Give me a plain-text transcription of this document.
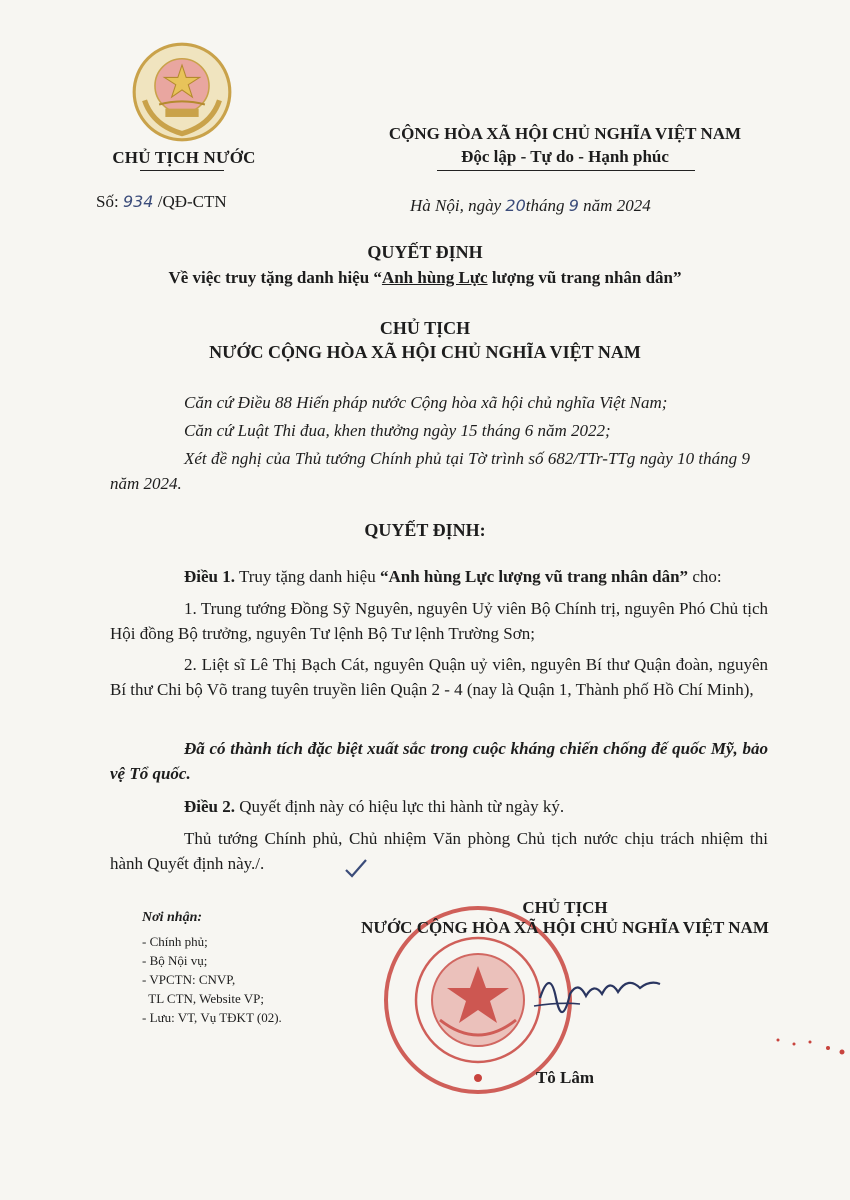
CHỦ TỊCH NƯỚC
Số: 934 /QĐ-CTN
CỘNG HÒA XÃ HỘI CHỦ NGHĨA VIỆT NAM
Độc lập - Tự do - Hạnh phúc
Hà Nội, ngày 20tháng 9 năm 2024
QUYẾT ĐỊNH
Về việc truy tặng danh hiệu “Anh hùng Lực lượng vũ trang nhân dân”
CHỦ TỊCH
NƯỚC CỘNG HÒA XÃ HỘI CHỦ NGHĨA VIỆT NAM
Căn cứ Điều 88 Hiến pháp nước Cộng hòa xã hội chủ nghĩa Việt Nam;
Căn cứ Luật Thi đua, khen thưởng ngày 15 tháng 6 năm 2022;
Xét đề nghị của Thủ tướng Chính phủ tại Tờ trình số 682/TTr-TTg ngày 10 tháng 9 năm 2024.
QUYẾT ĐỊNH:
Điều 1. Truy tặng danh hiệu “Anh hùng Lực lượng vũ trang nhân dân” cho:
1. Trung tướng Đồng Sỹ Nguyên, nguyên Uỷ viên Bộ Chính trị, nguyên Phó Chủ tịch Hội đồng Bộ trưởng, nguyên Tư lệnh Bộ Tư lệnh Trường Sơn;
2. Liệt sĩ Lê Thị Bạch Cát, nguyên Quận uỷ viên, nguyên Bí thư Quận đoàn, nguyên Bí thư Chi bộ Võ trang tuyên truyền liên Quận 2 - 4 (nay là Quận 1, Thành phố Hồ Chí Minh),
Đã có thành tích đặc biệt xuất sắc trong cuộc kháng chiến chống đế quốc Mỹ, bảo vệ Tổ quốc.
Điều 2. Quyết định này có hiệu lực thi hành từ ngày ký.
Thủ tướng Chính phủ, Chủ nhiệm Văn phòng Chủ tịch nước chịu trách nhiệm thi hành Quyết định này./.
Nơi nhận:
- Chính phủ;
- Bộ Nội vụ;
- VPCTN: CNVP,
TL CTN, Website VP;
- Lưu: VT, Vụ TĐKT (02).
CHỦ TỊCH
NƯỚC CỘNG HÒA XÃ HỘI CHỦ NGHĨA VIỆT NAM
Tô Lâm
